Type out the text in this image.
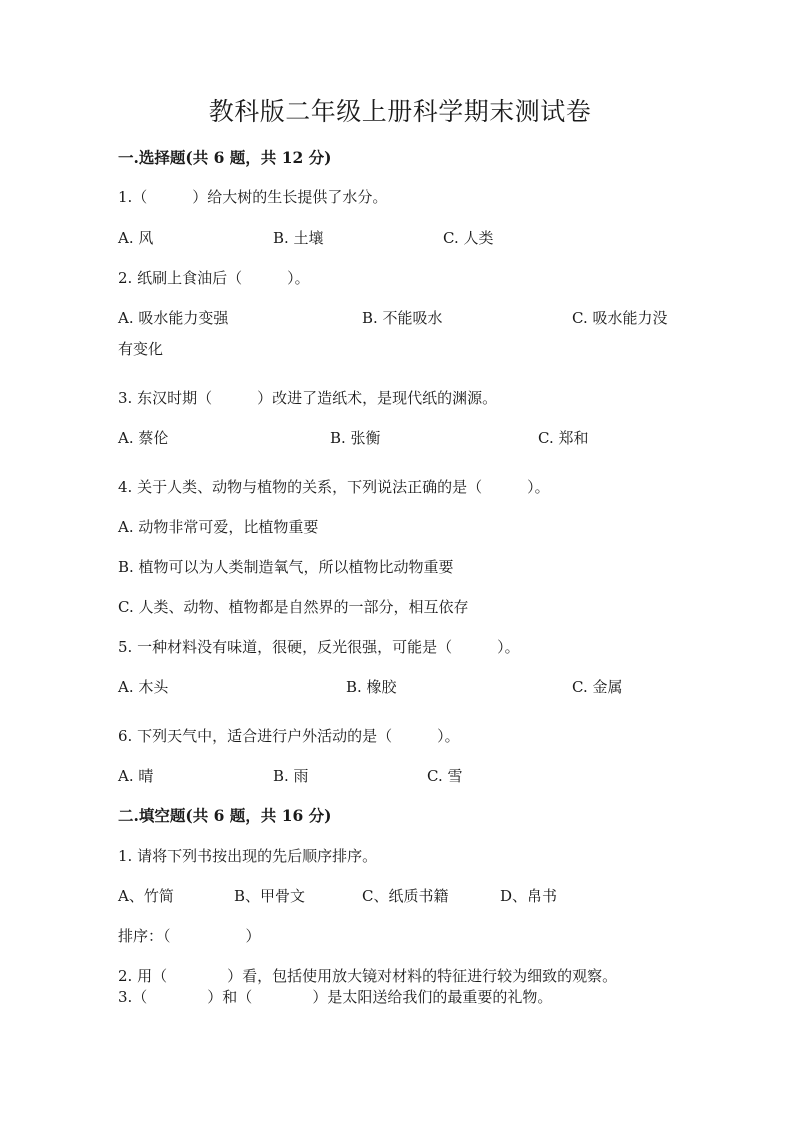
教科版二年级上册科学期末测试卷
一.选择题(共 6 题，共 12 分)
1.（　　　）给大树的生长提供了水分。
A. 风	B. 土壤	C. 人类
2. 纸刷上食油后（　　　）。
A. 吸水能力变强	B. 不能吸水	C. 吸水能力没
有变化
3. 东汉时期（　　　）改进了造纸术，是现代纸的渊源。
A. 蔡伦	B. 张衡	C. 郑和
4. 关于人类、动物与植物的关系，下列说法正确的是（　　　）。
A. 动物非常可爱，比植物重要
B. 植物可以为人类制造氧气，所以植物比动物重要
C. 人类、动物、植物都是自然界的一部分，相互依存
5. 一种材料没有味道，很硬，反光很强，可能是（　　　）。
A. 木头	B. 橡胶	C. 金属
6. 下列天气中，适合进行户外活动的是（　　　）。
A. 晴	B. 雨	C. 雪
二.填空题(共 6 题，共 16 分)
1. 请将下列书按出现的先后顺序排序。
A、竹简	B、甲骨文	C、纸质书籍	D、帛书
排序：（　　　　　）
2. 用（　　　　）看，包括使用放大镜对材料的特征进行较为细致的观察。
3.（　　　　）和（　　　　）是太阳送给我们的最重要的礼物。
